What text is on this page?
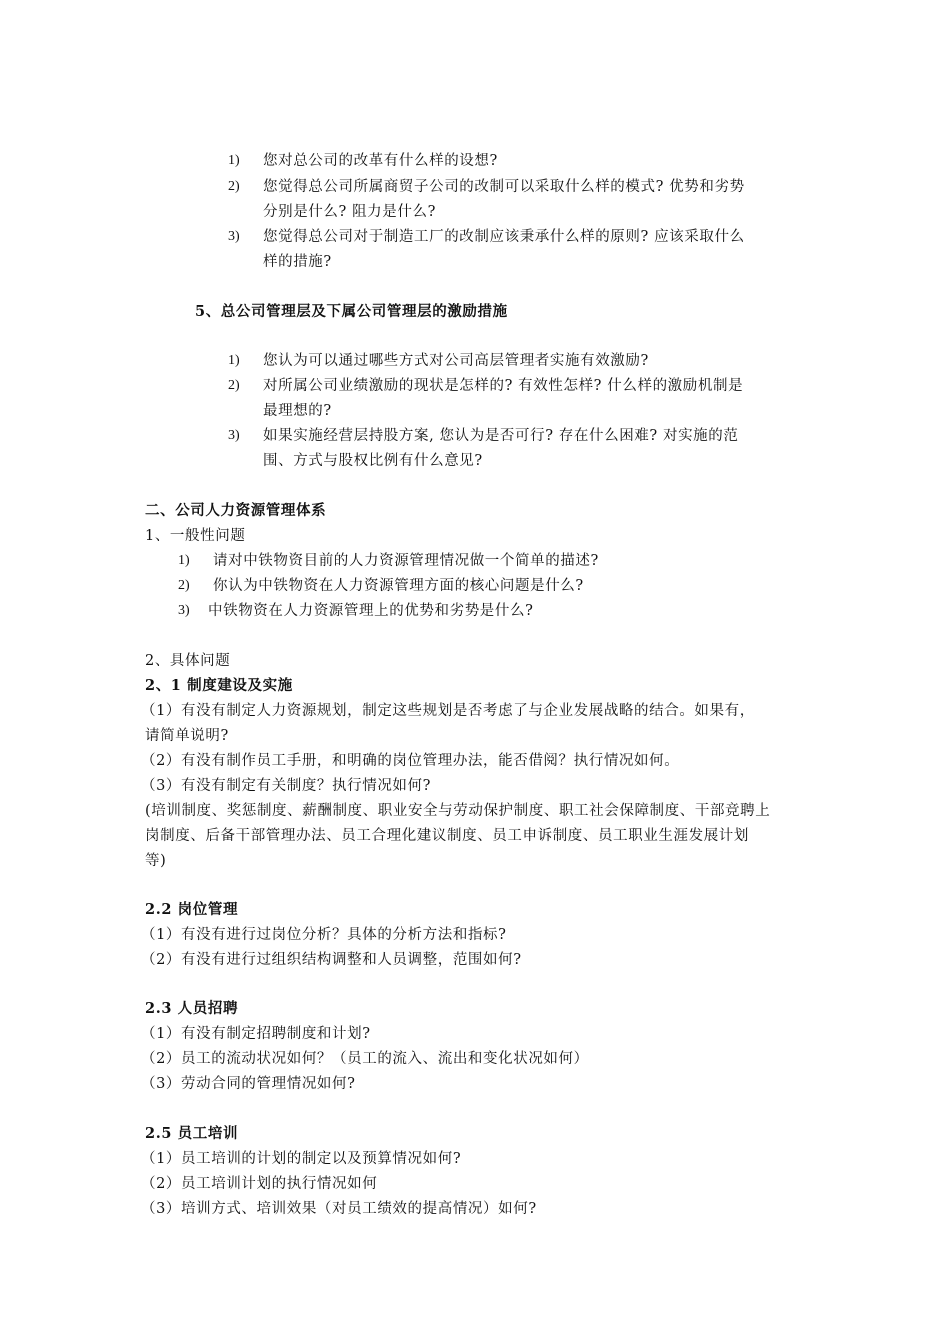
1) 您对总公司的改革有什么样的设想?
2) 您觉得总公司所属商贸子公司的改制可以采取什么样的模式? 优势和劣势
分别是什么? 阻力是什么?
3) 您觉得总公司对于制造工厂的改制应该秉承什么样的原则? 应该采取什么
样的措施?
5、总公司管理层及下属公司管理层的激励措施
1) 您认为可以通过哪些方式对公司高层管理者实施有效激励?
2) 对所属公司业绩激励的现状是怎样的? 有效性怎样? 什么样的激励机制是
最理想的?
3) 如果实施经营层持股方案, 您认为是否可行? 存在什么困难? 对实施的范
围、方式与股权比例有什么意见?
二、公司人力资源管理体系
1、一般性问题
1) 请对中铁物资目前的人力资源管理情况做一个简单的描述?
2) 你认为中铁物资在人力资源管理方面的核心问题是什么?
3) 中铁物资在人力资源管理上的优势和劣势是什么?
2、具体问题
2、1 制度建设及实施
（1）有没有制定人力资源规划，制定这些规划是否考虑了与企业发展战略的结合。如果有，
请简单说明?
（2）有没有制作员工手册，和明确的岗位管理办法，能否借阅？执行情况如何。
（3）有没有制定有关制度？执行情况如何?
(培训制度、奖惩制度、薪酬制度、职业安全与劳动保护制度、职工社会保障制度、干部竞聘上
岗制度、后备干部管理办法、员工合理化建议制度、员工申诉制度、员工职业生涯发展计划
等)
2.2 岗位管理
（1）有没有进行过岗位分析？具体的分析方法和指标?
（2）有没有进行过组织结构调整和人员调整，范围如何?
2.3 人员招聘
（1）有没有制定招聘制度和计划?
（2）员工的流动状况如何？（员工的流入、流出和变化状况如何）
（3）劳动合同的管理情况如何?
2.5 员工培训
（1）员工培训的计划的制定以及预算情况如何?
（2）员工培训计划的执行情况如何
（3）培训方式、培训效果（对员工绩效的提高情况）如何?
